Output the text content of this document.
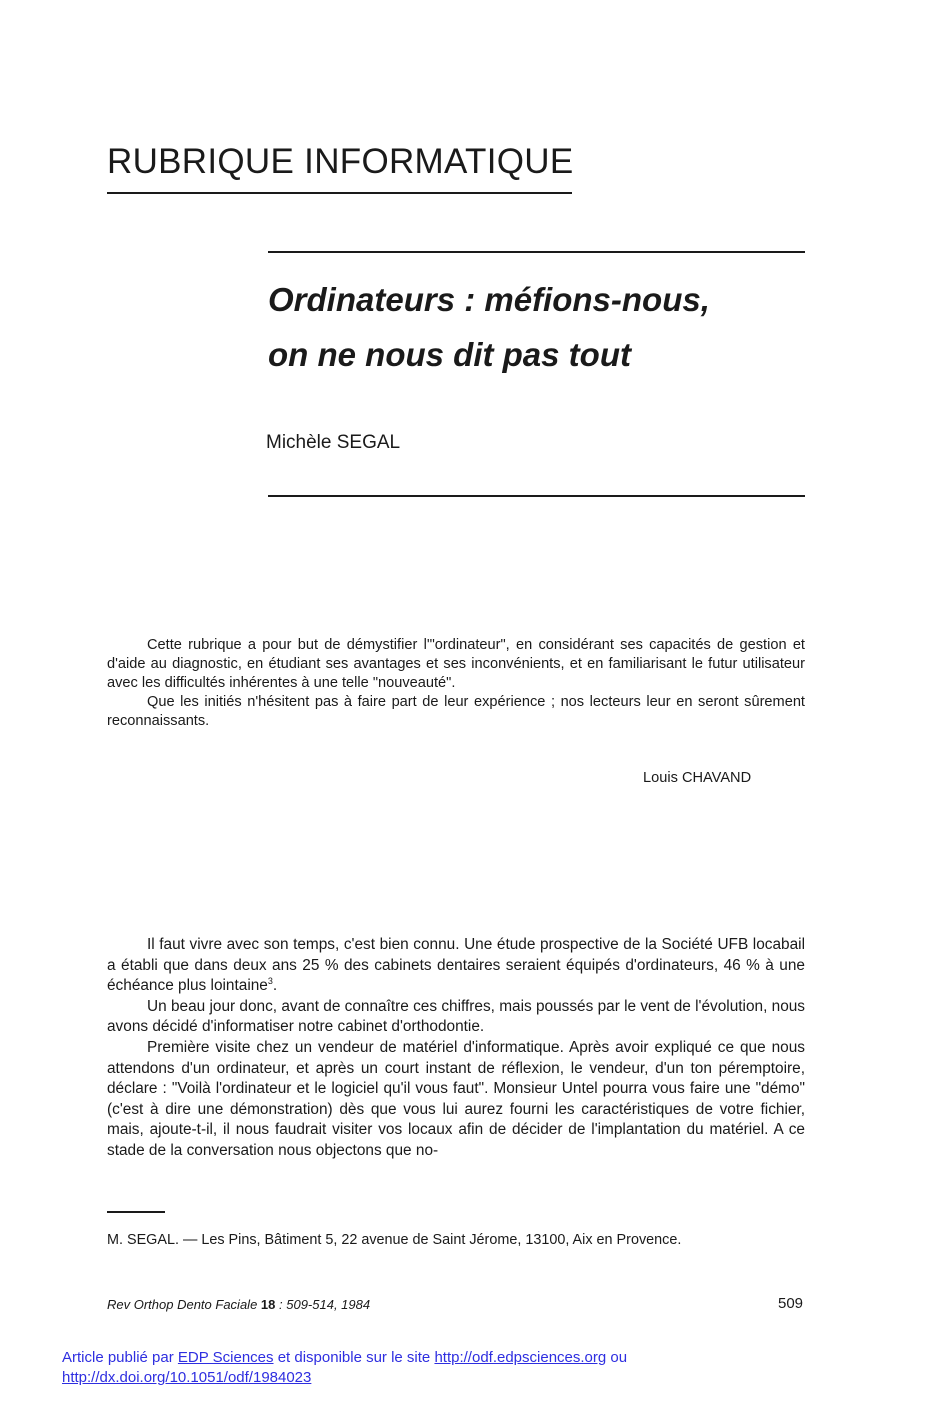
RUBRIQUE INFORMATIQUE
Ordinateurs : méfions-nous,
on ne nous dit pas tout

Michèle SEGAL

Cette rubrique a pour but de démystifier l'"ordinateur", en considérant ses capacités de gestion et d'aide au diagnostic, en étudiant ses avantages et ses inconvénients, et en familiarisant le futur utilisateur avec les difficultés inhérentes à une telle "nouveauté".

Que les initiés n'hésitent pas à faire part de leur expérience ; nos lecteurs leur en seront sûrement reconnaissants.

Louis CHAVAND

Il faut vivre avec son temps, c'est bien connu. Une étude prospective de la Société UFB locabail a établi que dans deux ans 25 % des cabinets dentaires seraient équipés d'ordinateurs, 46 % à une échéance plus lointaine$^3$.

Un beau jour donc, avant de connaître ces chiffres, mais poussés par le vent de l'évolution, nous avons décidé d'informatiser notre cabinet d'orthodontie.

Première visite chez un vendeur de matériel d'informatique. Après avoir expliqué ce que nous attendons d'un ordinateur, et après un court instant de réflexion, le vendeur, d'un ton péremptoire, déclare : "Voilà l'ordinateur et le logiciel qu'il vous faut". Monsieur Untel pourra vous faire une "démo" (c'est à dire une démonstration) dès que vous lui aurez fourni les caractéristiques de votre fichier, mais, ajoute-t-il, il nous faudrait visiter vos locaux afin de décider de l'implantation du matériel. A ce stade de la conversation nous objectons que no-

M. SEGAL. — Les Pins, Bâtiment 5, 22 avenue de Saint Jérome, 13100, Aix en Provence.

Rev Orthop Dento Faciale 18 : 509-514, 1984	509

Article publié par EDP Sciences et disponible sur le site http://odf.edpsciences.org ou
http://dx.doi.org/10.1051/odf/1984023
